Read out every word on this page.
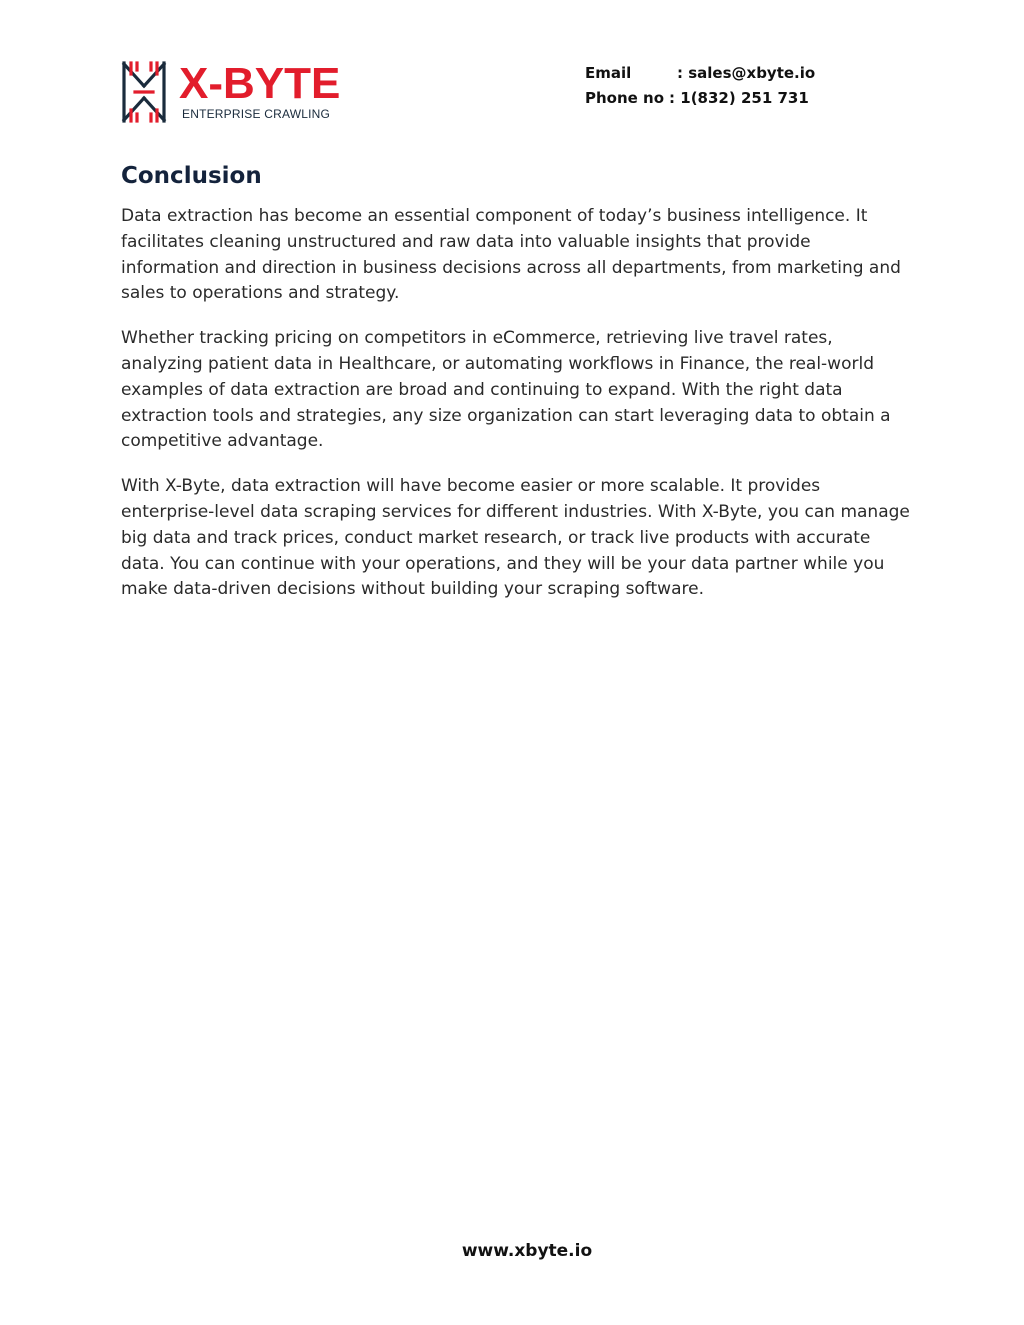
X-BYTE
ENTERPRISE CRAWLING
Email	: sales@xbyte.io
Phone no : 1(832) 251 731
Conclusion

Data extraction has become an essential component of today’s business intelligence. It facilitates cleaning unstructured and raw data into valuable insights that provide information and direction in business decisions across all departments, from marketing and sales to operations and strategy.

Whether tracking pricing on competitors in eCommerce, retrieving live travel rates, analyzing patient data in Healthcare, or automating workflows in Finance, the real-world examples of data extraction are broad and continuing to expand. With the right data extraction tools and strategies, any size organization can start leveraging data to obtain a competitive advantage.

With X-Byte, data extraction will have become easier or more scalable. It provides enterprise-level data scraping services for different industries. With X-Byte, you can manage big data and track prices, conduct market research, or track live products with accurate data. You can continue with your operations, and they will be your data partner while you make data-driven decisions without building your scraping software.

www.xbyte.io
